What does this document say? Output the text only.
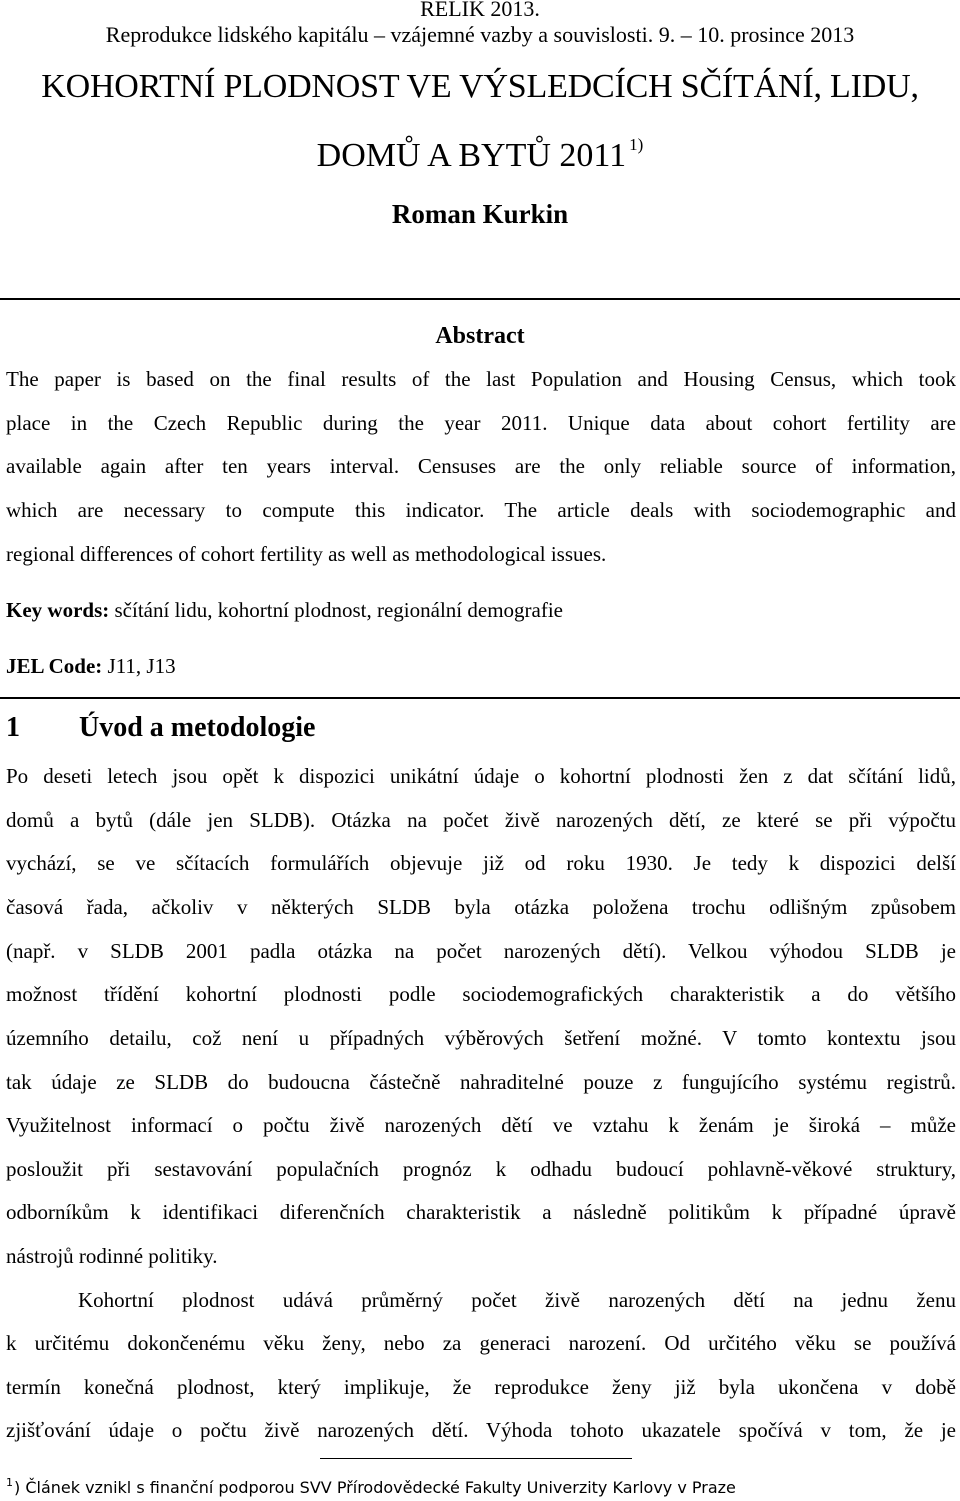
RELIK 2013.
Reprodukce lidského kapitálu – vzájemné vazby a souvislosti. 9. – 10. prosince 2013
KOHORTNÍ PLODNOST VE VÝSLEDCÍCH SČÍTÁNÍ, LIDU,
DOMŮ A BYTŮ 2011 $^{1)}$
Roman Kurkin
Abstract
The paper is based on the final results of the last Population and Housing Census, which took
place in the Czech Republic during the year 2011. Unique data about cohort fertility are
available again after ten years interval. Censuses are the only reliable source of information,
which are necessary to compute this indicator. The article deals with sociodemographic and
regional differences of cohort fertility as well as methodological issues.
Key words: sčítání lidu, kohortní plodnost, regionální demografie
JEL Code: J11, J13
1 Úvod a metodologie
Po deseti letech jsou opět k dispozici unikátní údaje o kohortní plodnosti žen z dat sčítání lidů,
domů a bytů (dále jen SLDB). Otázka na počet živě narozených dětí, ze které se při výpočtu
vychází, se ve sčítacích formulářích objevuje již od roku 1930. Je tedy k dispozici delší
časová řada, ačkoliv v některých SLDB byla otázka položena trochu odlišným způsobem
(např. v SLDB 2001 padla otázka na počet narozených dětí). Velkou výhodou SLDB je
možnost třídění kohortní plodnosti podle sociodemografických charakteristik a do většího
územního detailu, což není u případných výběrových šetření možné. V tomto kontextu jsou
tak údaje ze SLDB do budoucna částečně nahraditelné pouze z fungujícího systému registrů.
Využitelnost informací o počtu živě narozených dětí ve vztahu k ženám je široká – může
posloužit při sestavování populačních prognóz k odhadu budoucí pohlavně-věkové struktury,
odborníkům k identifikaci diferenčních charakteristik a následně politikům k případné úpravě
nástrojů rodinné politiky.
Kohortní plodnost udává průměrný počet živě narozených dětí na jednu ženu
k určitému dokončenému věku ženy, nebo za generaci narození. Od určitého věku se používá
termín konečná plodnost, který implikuje, že reprodukce ženy již byla ukončena v době
zjišťování údaje o počtu živě narozených dětí. Výhoda tohoto ukazatele spočívá v tom, že je
$^1$) Článek vznikl s finanční podporou SVV Přírodovědecké Fakulty Univerzity Karlovy v Praze
